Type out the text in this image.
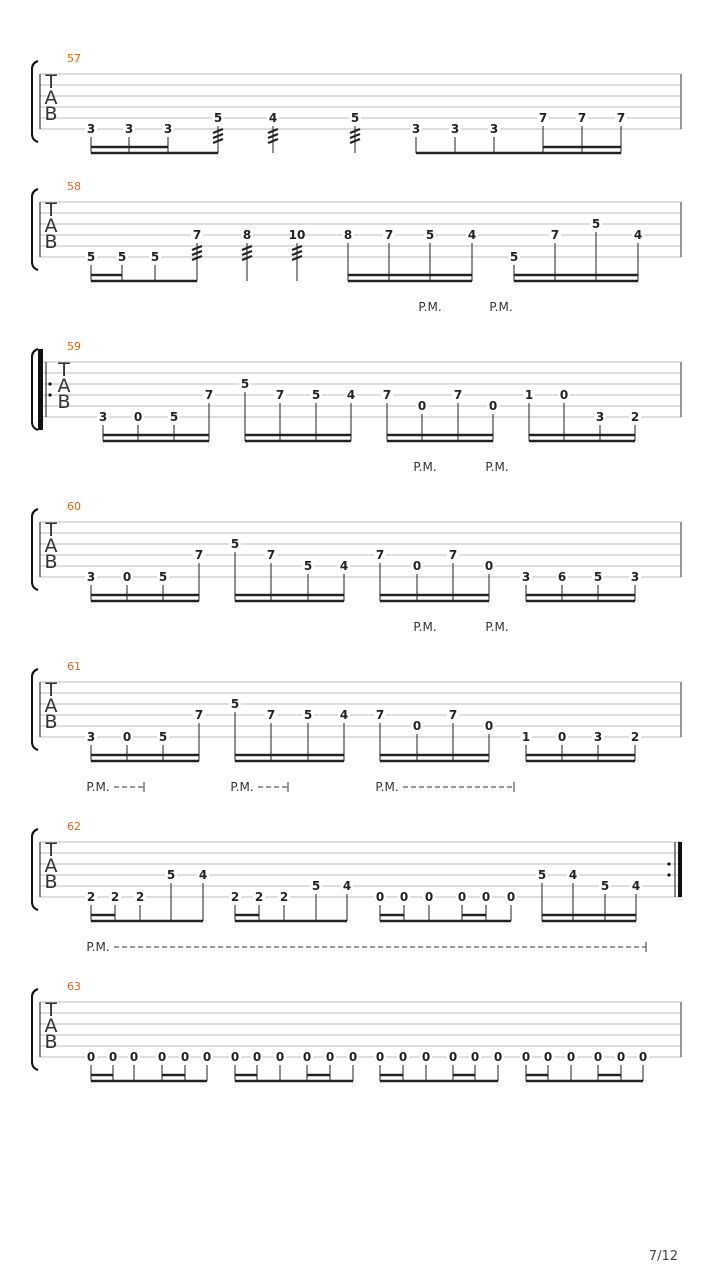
57
T
A
B
3 3	3
5	4	5
3	3	3
7	7	7
58
T
A
B
5 5 5
7	8	10	8	7	5	4
5
7
5
4
P.M.	P.M.
59
T
A
B
3 0 5
7
5
7 5 4 7
0
7
0
1 0
3 2
P.M.	P.M.
60
T
A
B
3 0 5
7
5
7
5 4
7
0
7
0
3 6 5 3
P.M.	P.M.
61
T
A
B
3 0 5
7
5
7 5 4 7
0
7
0
1 0 3 2
P.M.	P.M.	P.M.
62
T
A
B
2 2 2
5 4
2 2 2
5 4
0 0 0 0 0 0
5 4
5 4
P.M.
63
T
A
B
0 0 0 0 0 0 0 0 0 0 0 0 0 0 0 0 0 0 0 0 0 0 0 0
7/12
